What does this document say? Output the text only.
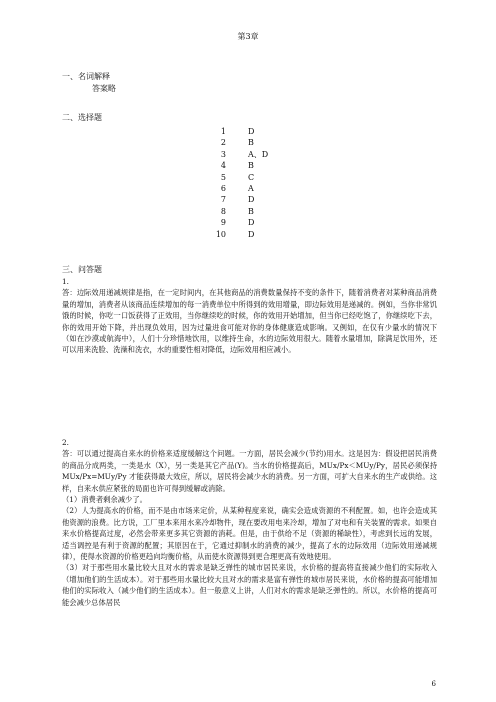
第3章
一、名词解释
答案略
二、选择题
1	D
2	B
3	A、D
4	B
5	C
6	A
7	D
8	B
9	D
10	D
三、问答题

1.

答：边际效用递减规律是指，在一定时间内，在其他商品的消费数量保持不变的条件下，随着消费者对某种商品消费量的增加，消费者从该商品连续增加的每一消费单位中所得到的效用增量，即边际效用是递减的。例如，当你非常饥饿的时候，你吃一口饭获得了正效用，当你继续吃的时候，你的效用开始增加，但当你已经吃饱了，你继续吃下去，你的效用开始下降，并出现负效用，因为过量进食可能对你的身体健康造成影响。又例如，在仅有少量水的情况下（如在沙漠或航海中），人们十分珍惜地饮用，以维持生命，水的边际效用很大。随着水量增加，除满足饮用外，还可以用来洗脸、洗澡和洗衣，水的重要性相对降低，边际效用相应减小。

2.

答：可以通过提高自来水的价格来适度缓解这个问题。一方面，居民会减少(节约)用水。这是因为：假设把居民消费的商品分成两类，一类是水（X），另一类是其它产品(Y)。当水的价格提高后，MUx/Px＜MUy/Py，居民必须保持 MUx/Px=MUy/Py 才能获得最大效应，所以，居民将会减少水的消费。另一方面，可扩大自来水的生产或供给。这样，自来水供应紧张的局面也许可得到缓解或消除。

（1）消费者剩余减少了。

（2）人为提高水的价格，而不是由市场来定价，从某种程度来说，确实会造成资源的不利配置。如，也许会造成其他资源的浪费。比方说，工厂里本来用水来冷却物件，现在要改用电来冷却，增加了对电和有关装置的需求。如果自来水价格提高过度，必然会带来更多其它资源的消耗。但是，由于供给不足（资源的稀缺性），考虑到长远的发展，适当调控是有利于资源的配置；其原因在于，它通过抑制水的消费的减少，提高了水的边际效用（边际效用递减规律），使得水资源的价格更趋向均衡价格，从而使水资源得到更合理更高有效地使用。

（3）对于那些用水量比较大且对水的需求是缺乏弹性的城市居民来说，水价格的提高将直接减少他们的实际收入（增加他们的生活成本）。对于那些用水量比较大且对水的需求是富有弹性的城市居民来说，水价格的提高可能增加他们的实际收入（减少他们的生活成本）。但一般意义上讲，人们对水的需求是缺乏弹性的。所以，水价格的提高可能会减少总体居民

6
